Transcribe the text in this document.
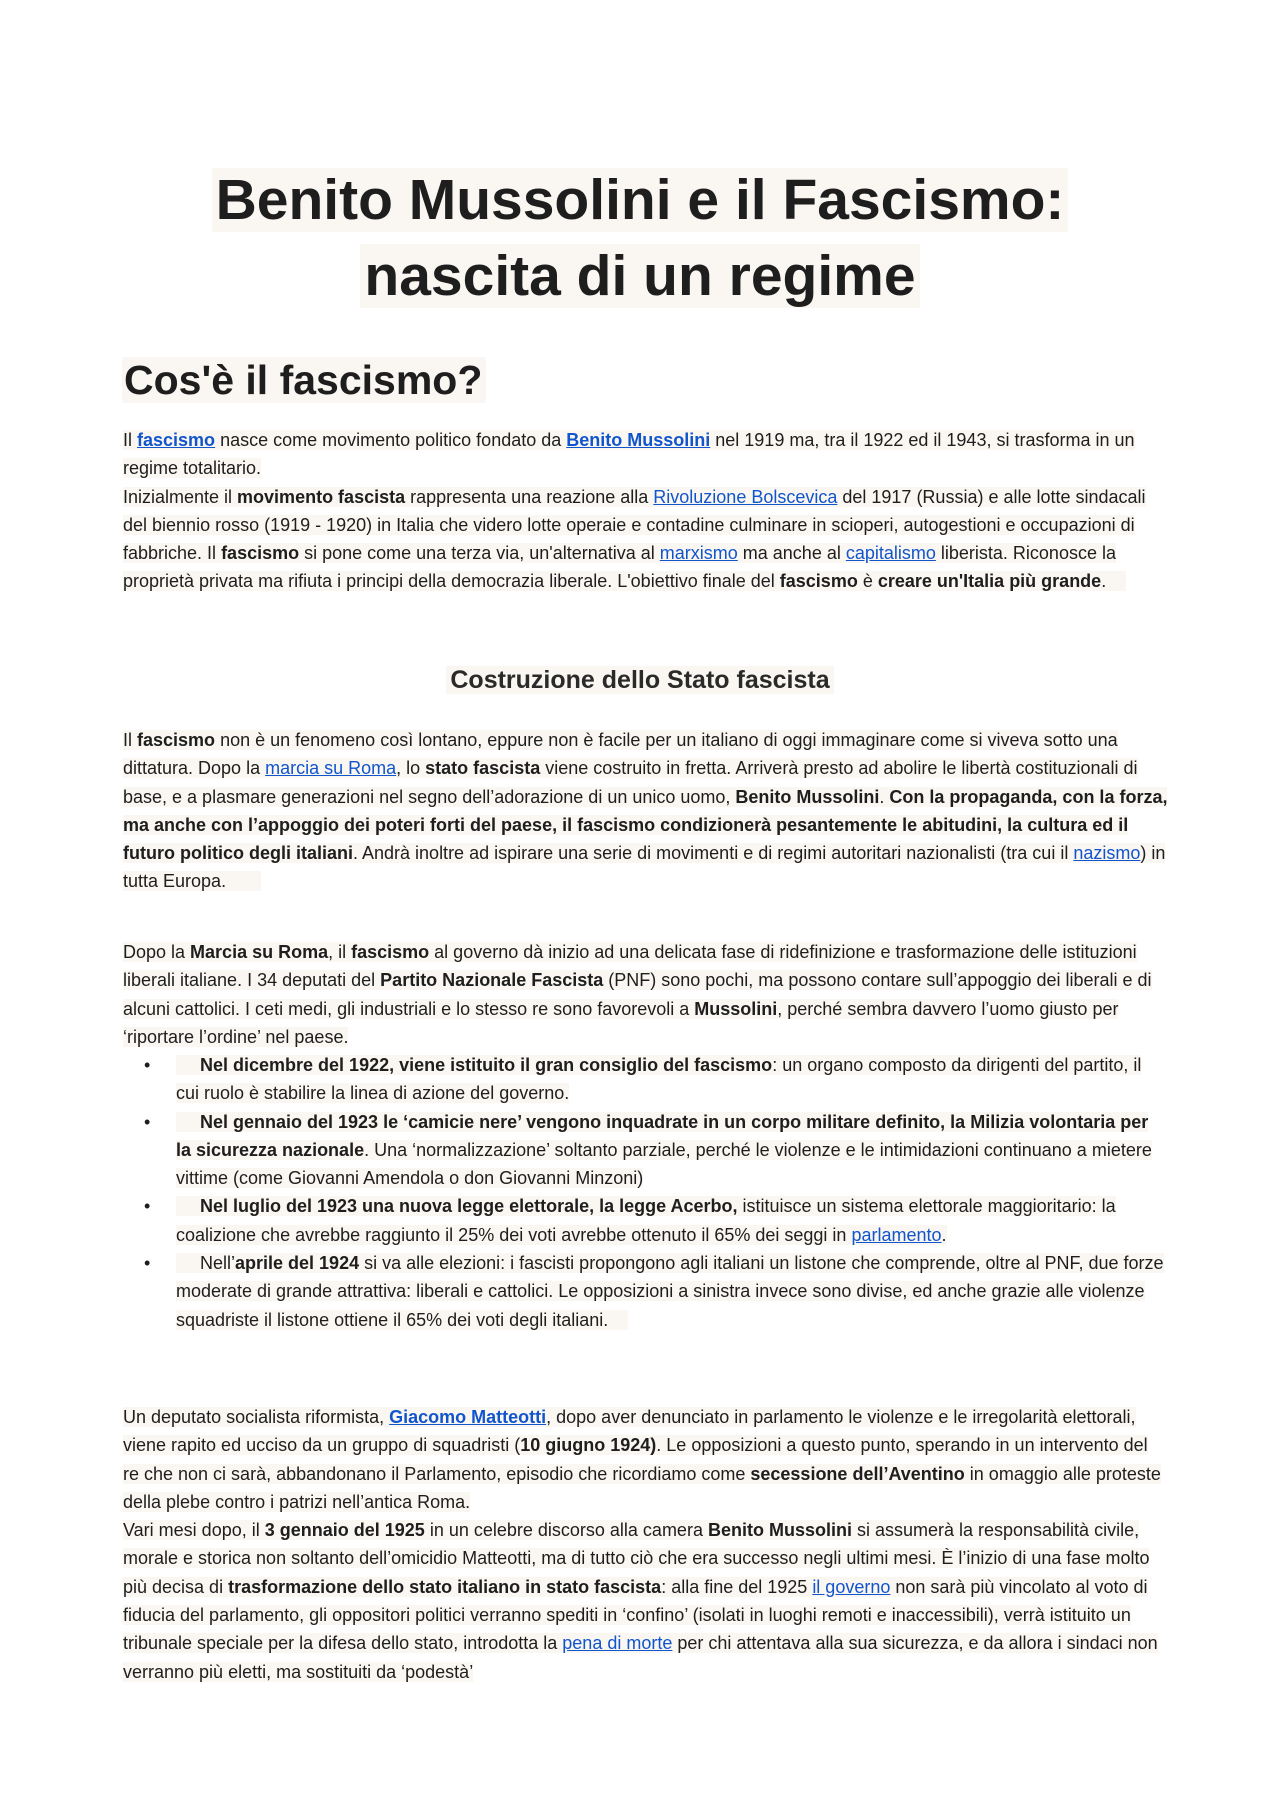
Benito Mussolini e il Fascismo:
nascita di un regime
Cos'è il fascismo?

Il fascismo nasce come movimento politico fondato da Benito Mussolini nel 1919 ma, tra il 1922 ed il 1943, si trasforma in un regime totalitario.
Inizialmente il movimento fascista rappresenta una reazione alla Rivoluzione Bolscevica del 1917 (Russia) e alle lotte sindacali del biennio rosso (1919 - 1920) in Italia che videro lotte operaie e contadine culminare in scioperi, autogestioni e occupazioni di fabbriche. Il fascismo si pone come una terza via, un'alternativa al marxismo ma anche al capitalismo liberista. Riconosce la proprietà privata ma rifiuta i principi della democrazia liberale. L'obiettivo finale del fascismo è creare un'Italia più grande.

Costruzione dello Stato fascista

Il fascismo non è un fenomeno così lontano, eppure non è facile per un italiano di oggi immaginare come si viveva sotto una dittatura. Dopo la marcia su Roma, lo stato fascista viene costruito in fretta. Arriverà presto ad abolire le libertà costituzionali di base, e a plasmare generazioni nel segno dell’adorazione di un unico uomo, Benito Mussolini. Con la propaganda, con la forza, ma anche con l’appoggio dei poteri forti del paese, il fascismo condizionerà pesantemente le abitudini, la cultura ed il futuro politico degli italiani. Andrà inoltre ad ispirare una serie di movimenti e di regimi autoritari nazionalisti (tra cui il nazismo) in tutta Europa.

Dopo la Marcia su Roma, il fascismo al governo dà inizio ad una delicata fase di ridefinizione e trasformazione delle istituzioni liberali italiane. I 34 deputati del Partito Nazionale Fascista (PNF) sono pochi, ma possono contare sull’appoggio dei liberali e di alcuni cattolici. I ceti medi, gli industriali e lo stesso re sono favorevoli a Mussolini, perché sembra davvero l’uomo giusto per ‘riportare l’ordine’ nel paese.

• Nel dicembre del 1922, viene istituito il gran consiglio del fascismo: un organo composto da dirigenti del partito, il cui ruolo è stabilire la linea di azione del governo.
• Nel gennaio del 1923 le ‘camicie nere’ vengono inquadrate in un corpo militare definito, la Milizia volontaria per la sicurezza nazionale. Una ‘normalizzazione’ soltanto parziale, perché le violenze e le intimidazioni continuano a mietere vittime (come Giovanni Amendola o don Giovanni Minzoni)
• Nel luglio del 1923 una nuova legge elettorale, la legge Acerbo, istituisce un sistema elettorale maggioritario: la coalizione che avrebbe raggiunto il 25% dei voti avrebbe ottenuto il 65% dei seggi in parlamento.
• Nell’aprile del 1924 si va alle elezioni: i fascisti propongono agli italiani un listone che comprende, oltre al PNF, due forze moderate di grande attrattiva: liberali e cattolici. Le opposizioni a sinistra invece sono divise, ed anche grazie alle violenze squadriste il listone ottiene il 65% dei voti degli italiani.

Un deputato socialista riformista, Giacomo Matteotti, dopo aver denunciato in parlamento le violenze e le irregolarità elettorali, viene rapito ed ucciso da un gruppo di squadristi (10 giugno 1924). Le opposizioni a questo punto, sperando in un intervento del re che non ci sarà, abbandonano il Parlamento, episodio che ricordiamo come secessione dell’Aventino in omaggio alle proteste della plebe contro i patrizi nell’antica Roma.
Vari mesi dopo, il 3 gennaio del 1925 in un celebre discorso alla camera Benito Mussolini si assumerà la responsabilità civile, morale e storica non soltanto dell’omicidio Matteotti, ma di tutto ciò che era successo negli ultimi mesi. È l’inizio di una fase molto più decisa di trasformazione dello stato italiano in stato fascista: alla fine del 1925 il governo non sarà più vincolato al voto di fiducia del parlamento, gli oppositori politici verranno spediti in ‘confino’ (isolati in luoghi remoti e inaccessibili), verrà istituito un tribunale speciale per la difesa dello stato, introdotta la pena di morte per chi attentava alla sua sicurezza, e da allora i sindaci non verranno più eletti, ma sostituiti da ‘podestà’
